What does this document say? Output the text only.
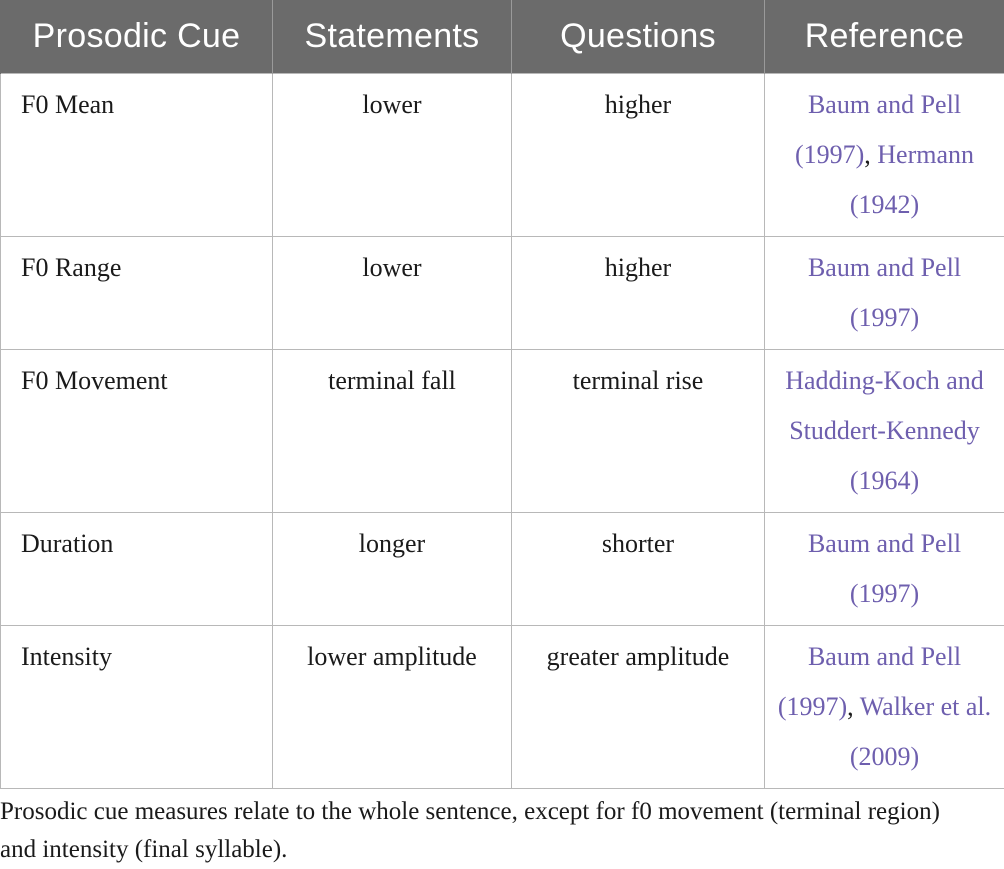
Prosodic Cue	Statements	Questions	Reference
F0 Mean	lower	higher	Baum and Pell (1997), Hermann (1942)
F0 Range	lower	higher	Baum and Pell (1997)
F0 Movement	terminal fall	terminal rise	Hadding-Koch and Studdert-Kennedy (1964)
Duration	longer	shorter	Baum and Pell (1997)
Intensity	lower amplitude	greater amplitude	Baum and Pell (1997), Walker et al. (2009)
Prosodic cue measures relate to the whole sentence, except for f0 movement (terminal region) and intensity (final syllable).
